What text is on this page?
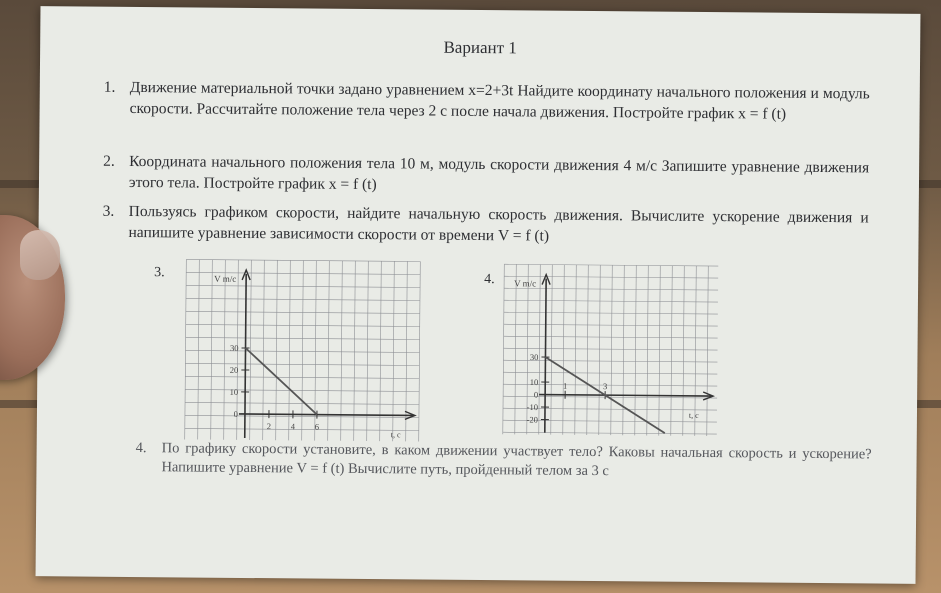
Вариант 1
1. Движение материальной точки задано уравнением x=2+3t Найдите координату начального положения и модуль скорости. Рассчитайте положение тела через 2 с после начала движения. Постройте график x = f (t)
2. Координата начального положения тела 10 м, модуль скорости движения 4 м/с Запишите уравнение движения этого тела. Постройте график x = f (t)
3. Пользуясь графиком скорости, найдите начальную скорость движения. Вычислите ускорение движения и напишите уравнение зависимости скорости от времени V = f (t)
3.	4.
V m/c
t, c
30
20
10
0
2 4 6
V m/c
t, c
30
10
0
-10
-20
1	3
4. По графику скорости установите, в каком движении участвует тело? Каковы начальная скорость и ускорение? Напишите уравнение V = f (t) Вычислите путь, пройденный телом за 3 с
